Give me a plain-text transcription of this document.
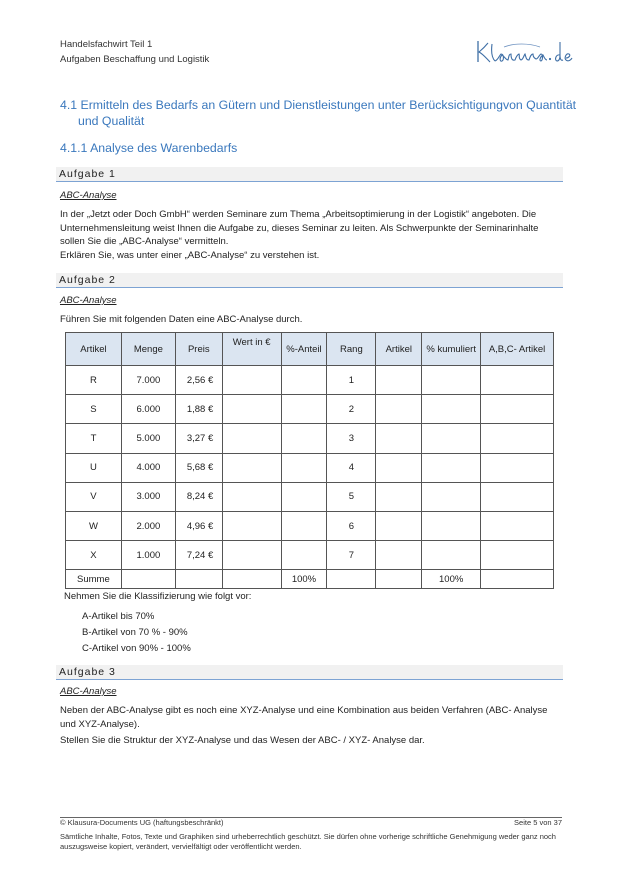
Handelsfachwirt Teil 1
Aufgaben Beschaffung und Logistik
4.1 Ermitteln des Bedarfs an Gütern und Dienstleistungen unter Berücksichtigungvon Quantität und Qualität
4.1.1 Analyse des Warenbedarfs
Aufgabe 1
ABC-Analyse

In der „Jetzt oder Doch GmbH“ werden Seminare zum Thema „Arbeitsoptimierung in der Logistik“ angeboten. Die Unternehmensleitung weist Ihnen die Aufgabe zu, dieses Seminar zu leiten. Als Schwerpunkte der Seminarinhalte sollen Sie die „ABC-Analyse“ vermitteln.

Erklären Sie, was unter einer „ABC-Analyse“ zu verstehen ist.

Aufgabe 2
ABC-Analyse

Führen Sie mit folgenden Daten eine ABC-Analyse durch.

Artikel	Menge	Preis	Wert in €	%-Anteil	Rang	Artikel	% kumuliert	A,B,C- Artikel
R	7.000	2,56 €			1			
S	6.000	1,88 €			2			
T	5.000	3,27 €			3			
U	4.000	5,68 €			4			
V	3.000	8,24 €			5			
W	2.000	4,96 €			6			
X	1.000	7,24 €			7			
Summe				100%			100%	
Nehmen Sie die Klassifizierung wie folgt vor:
A-Artikel bis 70%
B-Artikel von 70 % - 90%
C-Artikel von 90% - 100%
Aufgabe 3
ABC-Analyse

Neben der ABC-Analyse gibt es noch eine XYZ-Analyse und eine Kombination aus beiden Verfahren (ABC- Analyse und XYZ-Analyse).

Stellen Sie die Struktur der XYZ-Analyse und das Wesen der ABC- / XYZ- Analyse dar.

© Klausura-Documents UG (haftungsbeschränkt)	Seite 5 von 37
Sämtliche Inhalte, Fotos, Texte und Graphiken sind urheberrechtlich geschützt. Sie dürfen ohne vorherige schriftliche Genehmigung weder ganz noch auszugsweise kopiert, verändert, vervielfältigt oder veröffentlicht werden.
